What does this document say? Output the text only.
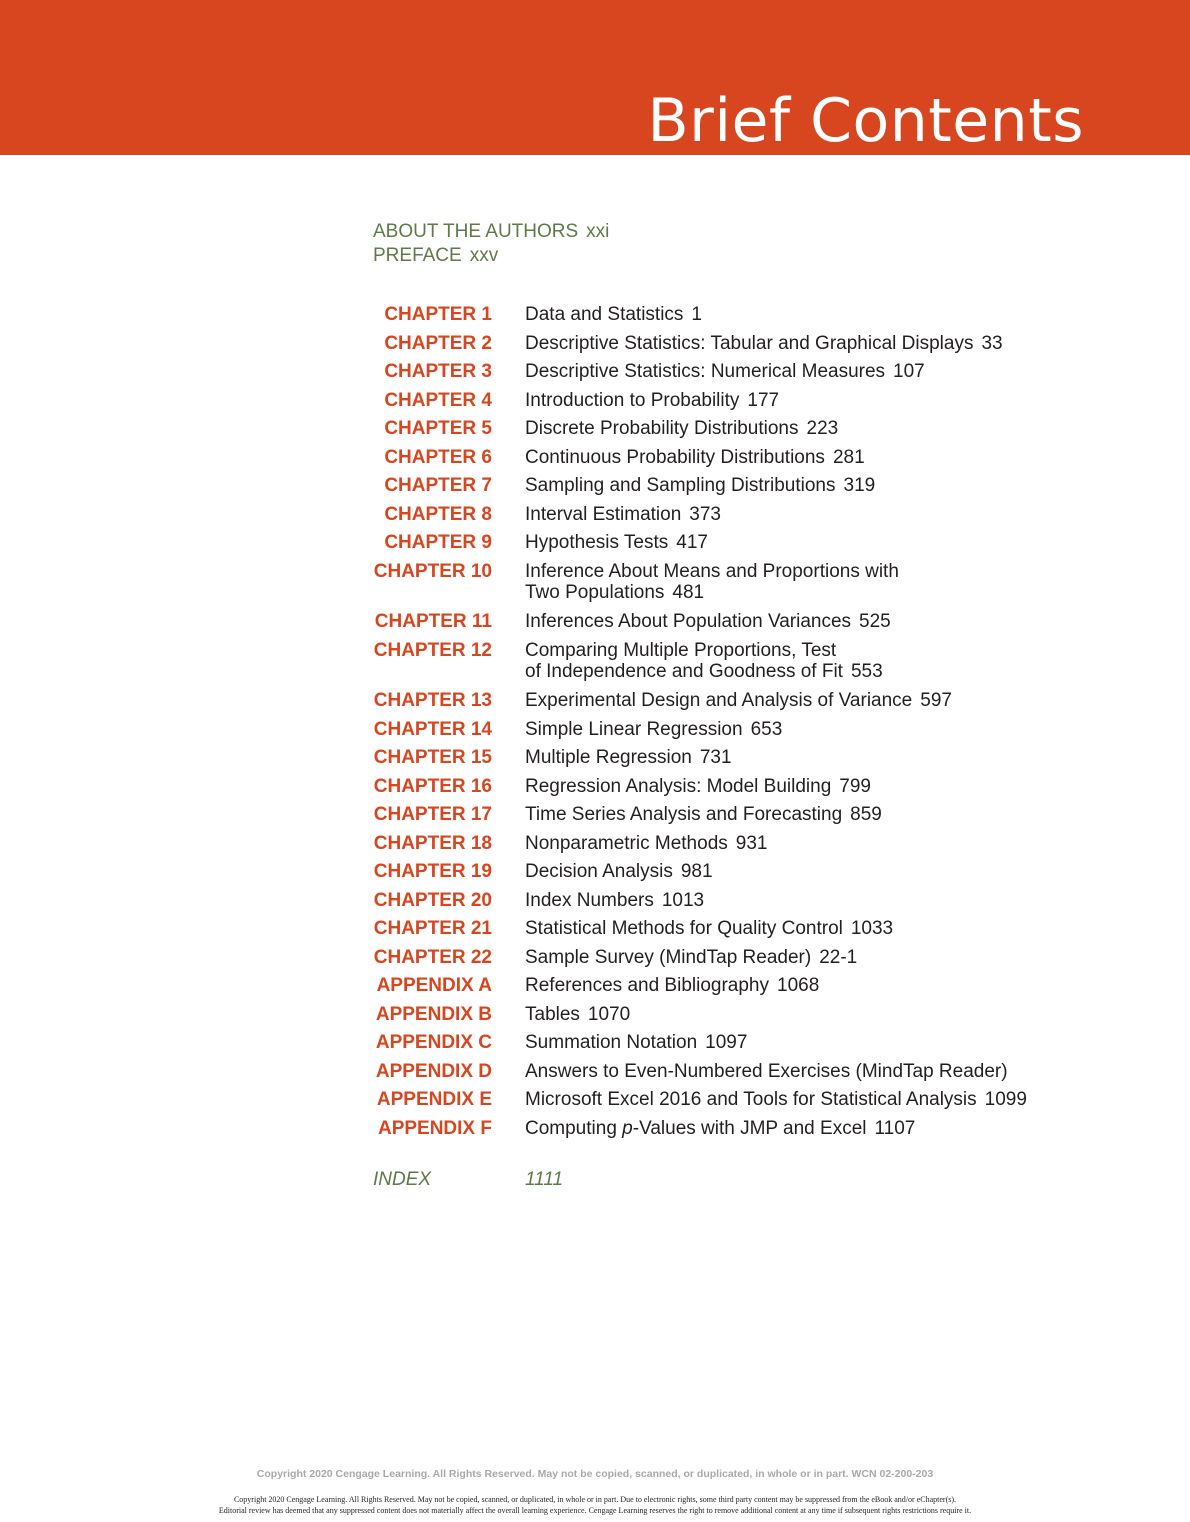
Brief Contents
ABOUT THE AUTHORS xxi
PREFACE xxv
CHAPTER 1 Data and Statistics 1
CHAPTER 2 Descriptive Statistics: Tabular and Graphical Displays 33
CHAPTER 3 Descriptive Statistics: Numerical Measures 107
CHAPTER 4 Introduction to Probability 177
CHAPTER 5 Discrete Probability Distributions 223
CHAPTER 6 Continuous Probability Distributions 281
CHAPTER 7 Sampling and Sampling Distributions 319
CHAPTER 8 Interval Estimation 373
CHAPTER 9 Hypothesis Tests 417
CHAPTER 10 Inference About Means and Proportions with
Two Populations 481
CHAPTER 11 Inferences About Population Variances 525
CHAPTER 12 Comparing Multiple Proportions, Test
of Independence and Goodness of Fit 553
CHAPTER 13 Experimental Design and Analysis of Variance 597
CHAPTER 14 Simple Linear Regression 653
CHAPTER 15 Multiple Regression 731
CHAPTER 16 Regression Analysis: Model Building 799
CHAPTER 17 Time Series Analysis and Forecasting 859
CHAPTER 18 Nonparametric Methods 931
CHAPTER 19 Decision Analysis 981
CHAPTER 20 Index Numbers 1013
CHAPTER 21 Statistical Methods for Quality Control 1033
CHAPTER 22 Sample Survey (MindTap Reader) 22-1
APPENDIX A References and Bibliography 1068
APPENDIX B Tables 1070
APPENDIX C Summation Notation 1097
APPENDIX D Answers to Even-Numbered Exercises (MindTap Reader)
APPENDIX E Microsoft Excel 2016 and Tools for Statistical Analysis 1099
APPENDIX F Computing p-Values with JMP and Excel 1107
INDEX	1111
Copyright 2020 Cengage Learning. All Rights Reserved. May not be copied, scanned, or duplicated, in whole or in part. WCN 02-200-203
Copyright 2020 Cengage Learning. All Rights Reserved. May not be copied, scanned, or duplicated, in whole or in part. Due to electronic rights, some third party content may be suppressed from the eBook and/or eChapter(s).
Editorial review has deemed that any suppressed content does not materially affect the overall learning experience. Cengage Learning reserves the right to remove additional content at any time if subsequent rights restrictions require it.
